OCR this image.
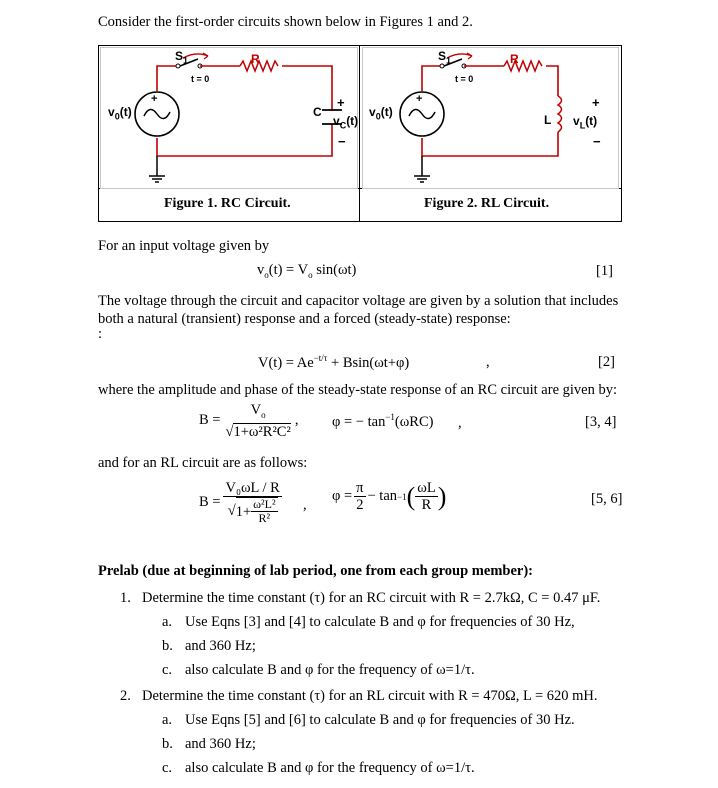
Consider the first-order circuits shown below in Figures 1 and 2.
+
$S_1$
t = 0
R
$v_0(t)$	C
+
$v_C(t)$
−
+
$S_1$
t = 0
R
$v_0(t)$
L
+
$v_L(t)$
−
Figure 1. RC Circuit.	Figure 2. RL Circuit.
For an input voltage given by
$v_o(t) = V_o$ sin(ωt)	[1]
The voltage through the circuit and capacitor voltage are given by a solution that includes both a natural (transient) response and a forced (steady-state) response:
:
$V(t) = Ae^{-t/\tau} + Bsin(\omega t+\varphi)$	,	[2]
where the amplitude and phase of the steady-state response of an RC circuit are given by:
$B = \frac{V_o}{\text{√1+ω²R²C²}}$ , φ = − $\tan^{-1}(\omega RC)$ ,	[3, 4]
and for an RL circuit are as follows:
$B = \frac{\text{V₀ωL / R}}{√ 1+ \frac{\text{ω²L²}}{\text{R²}}}$ ,
$\varphi = \frac{\pi}{2} - \tan -1$ ( $\frac{\omega L}{R}$ )	[5, 6]
Prelab (due at beginning of lab period, one from each group member):
1. Determine the time constant (τ) for an RC circuit with R = 2.7kΩ, C = 0.47 μF.
a. Use Eqns [3] and [4] to calculate B and φ for frequencies of 30 Hz,
b. and 360 Hz;
c. also calculate B and φ for the frequency of ω=1/τ.
2. Determine the time constant (τ) for an RL circuit with R = 470Ω, L = 620 mH.
a. Use Eqns [5] and [6] to calculate B and φ for frequencies of 30 Hz.
b. and 360 Hz;
c. also calculate B and φ for the frequency of ω=1/τ.
